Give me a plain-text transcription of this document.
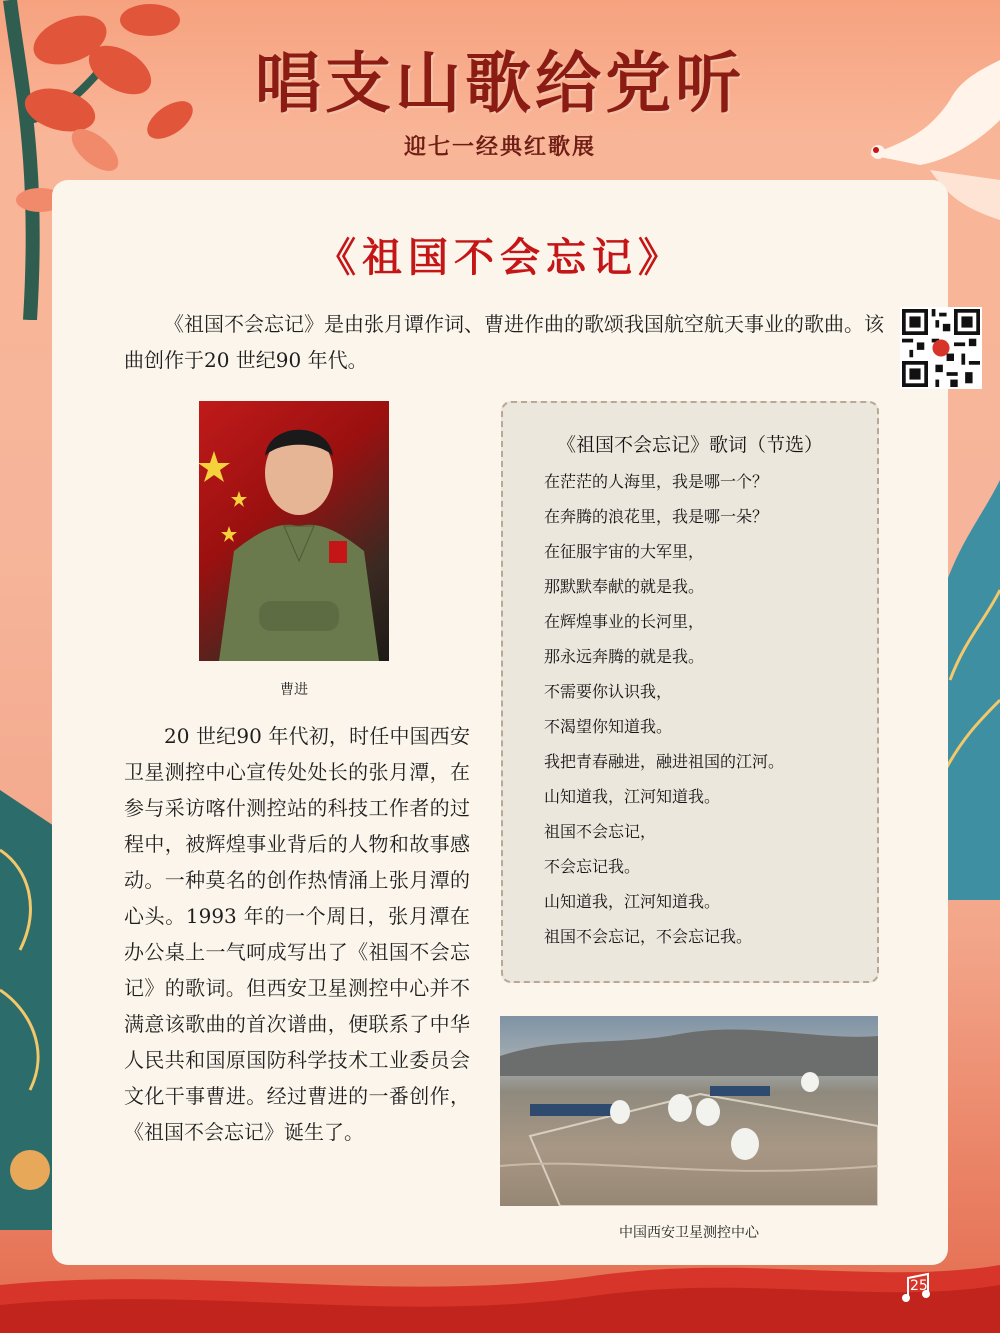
唱支山歌给党听
迎七一经典红歌展
《祖国不会忘记》
《祖国不会忘记》是由张月谭作词、曹进作曲的歌颂我国航空航天事业的歌曲。该曲创作于20 世纪90 年代。
曹进
20 世纪90 年代初，时任中国西安卫星测控中心宣传处处长的张月潭，在参与采访喀什测控站的科技工作者的过程中，被辉煌事业背后的人物和故事感动。一种莫名的创作热情涌上张月潭的心头。1993 年的一个周日，张月潭在办公桌上一气呵成写出了《祖国不会忘记》的歌词。但西安卫星测控中心并不满意该歌曲的首次谱曲，便联系了中华人民共和国原国防科学技术工业委员会文化干事曹进。经过曹进的一番创作，《祖国不会忘记》诞生了。
《祖国不会忘记》歌词（节选）
在茫茫的人海里，我是哪一个？
在奔腾的浪花里，我是哪一朵？
在征服宇宙的大军里，
那默默奉献的就是我。
在辉煌事业的长河里，
那永远奔腾的就是我。
不需要你认识我，
不渴望你知道我。
我把青春融进，融进祖国的江河。
山知道我，江河知道我。
祖国不会忘记，
不会忘记我。
山知道我，江河知道我。
祖国不会忘记，不会忘记我。
中国西安卫星测控中心
25
